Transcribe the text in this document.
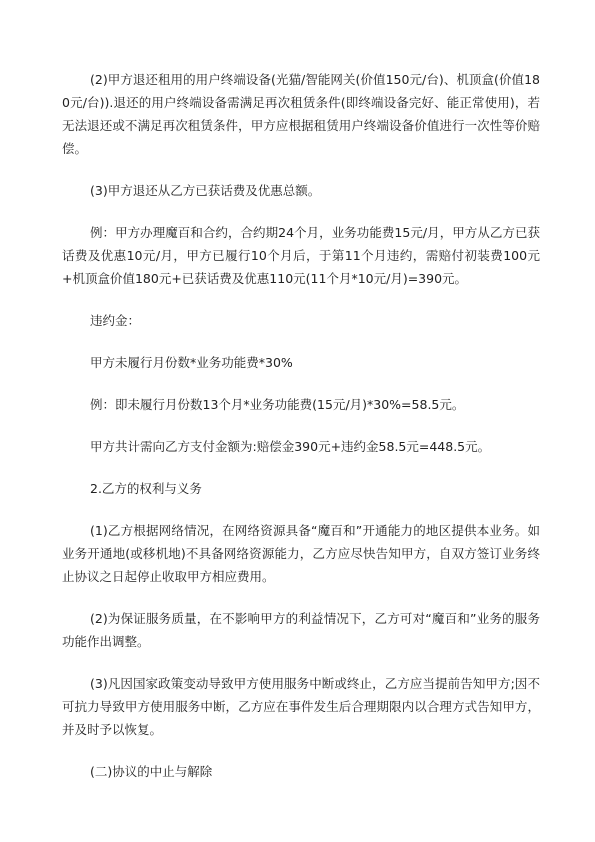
(2)甲方退还租用的用户终端设备(光猫/智能网关(价值150元/台)、机顶盒(价值180元/台)).退还的用户终端设备需满足再次租赁条件(即终端设备完好、能正常使用)，若无法退还或不满足再次租赁条件，甲方应根据租赁用户终端设备价值进行一次性等价赔偿。

(3)甲方退还从乙方已获话费及优惠总额。

例：甲方办理魔百和合约，合约期24个月，业务功能费15元/月，甲方从乙方已获话费及优惠10元/月，甲方已履行10个月后，于第11个月违约，需赔付初装费100元+机顶盒价值180元+已获话费及优惠110元(11个月*10元/月)=390元。

违约金：

甲方未履行月份数*业务功能费*30%

例：即未履行月份数13个月*业务功能费(15元/月)*30%=58.5元。

甲方共计需向乙方支付金额为:赔偿金390元+违约金58.5元=448.5元。

2.乙方的权利与义务

(1)乙方根据网络情况，在网络资源具备“魔百和”开通能力的地区提供本业务。如业务开通地(或移机地)不具备网络资源能力，乙方应尽快告知甲方，自双方签订业务终止协议之日起停止收取甲方相应费用。

(2)为保证服务质量，在不影响甲方的利益情况下，乙方可对“魔百和”业务的服务功能作出调整。

(3)凡因国家政策变动导致甲方使用服务中断或终止，乙方应当提前告知甲方;因不可抗力导致甲方使用服务中断，乙方应在事件发生后合理期限内以合理方式告知甲方，并及时予以恢复。

(二)协议的中止与解除
